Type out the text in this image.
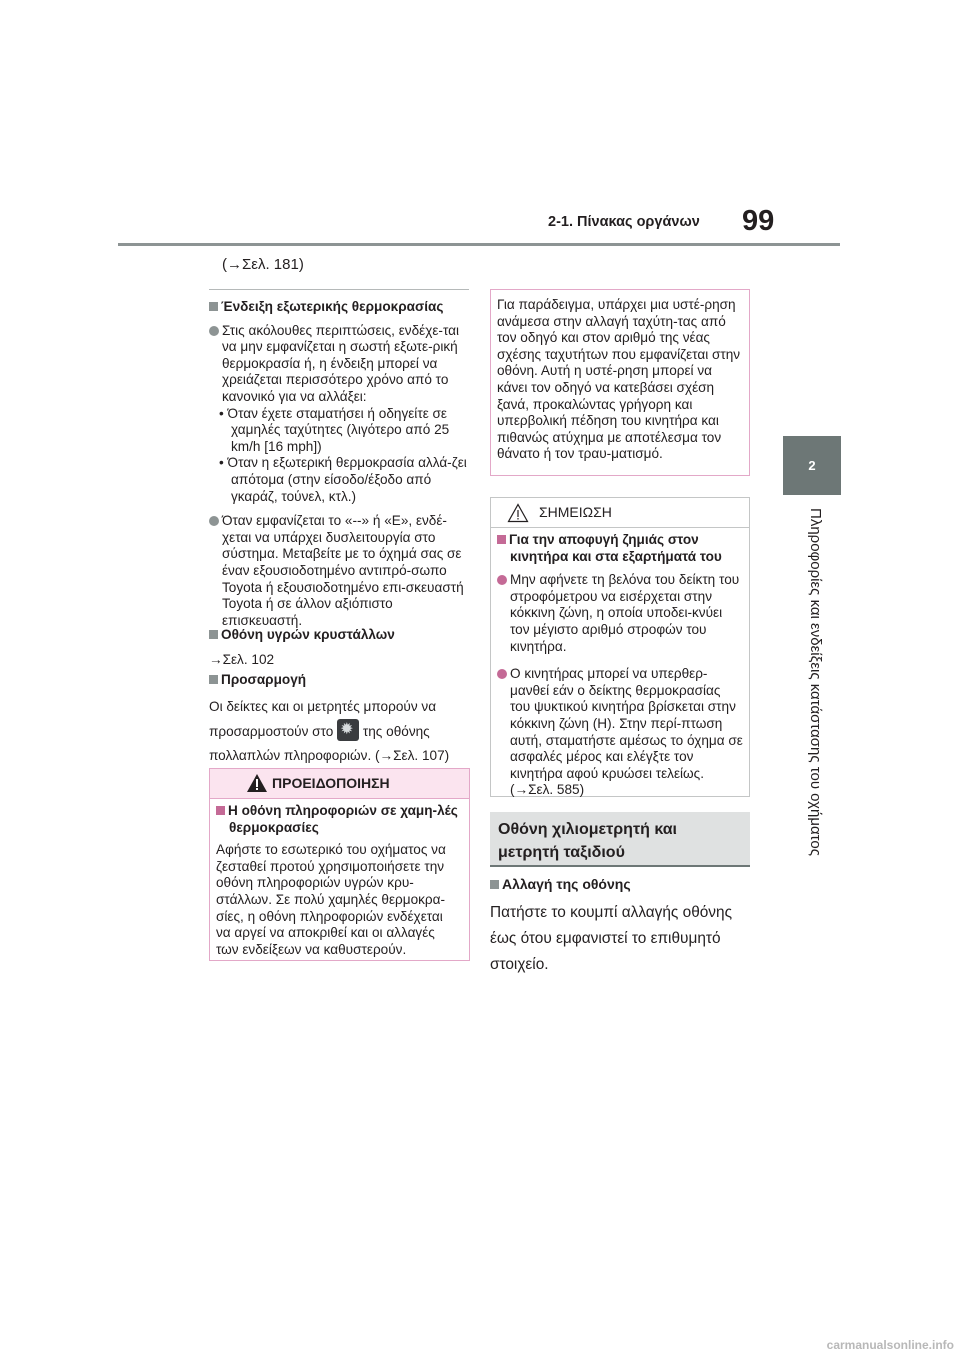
2-1. Πίνακας οργάνων 99
2
Πληροφορίες και ενδείξεις κατάστασης του οχήματος
(→Σελ. 181)
Ένδειξη εξωτερικής θερμοκρασίας
Στις ακόλουθες περιπτώσεις, ενδέχε-ται να μην εμφανίζεται η σωστή εξωτε-ρική θερμοκρασία ή, η ένδειξη μπορεί να χρειάζεται περισσότερο χρόνο από το κανονικό για να αλλάξει:
• Όταν έχετε σταματήσει ή οδηγείτε σε χαμηλές ταχύτητες (λιγότερο από 25 km/h [16 mph])
• Όταν η εξωτερική θερμοκρασία αλλά-ζει απότομα (στην είσοδο/έξοδο από γκαράζ, τούνελ, κτλ.)
Όταν εμφανίζεται το «--» ή «E», ενδέ-χεται να υπάρχει δυσλειτουργία στο σύστημα. Μεταβείτε με το όχημά σας σε έναν εξουσιοδοτημένο αντιπρό-σωπο Toyota ή εξουσιοδοτημένο επι-σκευαστή Toyota ή σε άλλον αξιόπιστο επισκευαστή.
Οθόνη υγρών κρυστάλλων
→Σελ. 102
Προσαρμογή
Οι δείκτες και οι μετρητές μπορούν να
προσαρμοστούν στο ✹ της οθόνης
πολλαπλών πληροφοριών. (→Σελ. 107)
ΠΡΟΕΙΔΟΠΟΙΗΣΗ
Η οθόνη πληροφοριών σε χαμη-λές θερμοκρασίες
Αφήστε το εσωτερικό του οχήματος να ζεσταθεί προτού χρησιμοποιήσετε την οθόνη πληροφοριών υγρών κρυ-στάλλων. Σε πολύ χαμηλές θερμοκρα-σίες, η οθόνη πληροφοριών ενδέχεται να αργεί να αποκριθεί και οι αλλαγές των ενδείξεων να καθυστερούν.
Για παράδειγμα, υπάρχει μια υστέ-ρηση ανάμεσα στην αλλαγή ταχύτη-τας από τον οδηγό και στον αριθμό της νέας σχέσης ταχυτήτων που εμφανίζεται στην οθόνη. Αυτή η υστέ-ρηση μπορεί να κάνει τον οδηγό να κατεβάσει σχέση ξανά, προκαλώντας γρήγορη και υπερβολική πέδηση του κινητήρα και πιθανώς ατύχημα με αποτέλεσμα τον θάνατο ή τον τραυ-ματισμό.
ΣΗΜΕΙΩΣΗ
Για την αποφυγή ζημιάς στον κινητήρα και στα εξαρτήματά του
Μην αφήνετε τη βελόνα του δείκτη του στροφόμετρου να εισέρχεται στην κόκκινη ζώνη, η οποία υποδει-κνύει τον μέγιστο αριθμό στροφών του κινητήρα.
Ο κινητήρας μπορεί να υπερθερ-μανθεί εάν ο δείκτης θερμοκρασίας του ψυκτικού κινητήρα βρίσκεται στην κόκκινη ζώνη (H). Στην περί-πτωση αυτή, σταματήστε αμέσως το όχημα σε ασφαλές μέρος και ελέγξτε τον κινητήρα αφού κρυώσει τελείως. (→Σελ. 585)
Οθόνη χιλιομετρητή και
μετρητή ταξιδιού
Αλλαγή της οθόνης
Πατήστε το κουμπί αλλαγής οθόνης
έως ότου εμφανιστεί το επιθυμητό
στοιχείο.
carmanualsonline.info
